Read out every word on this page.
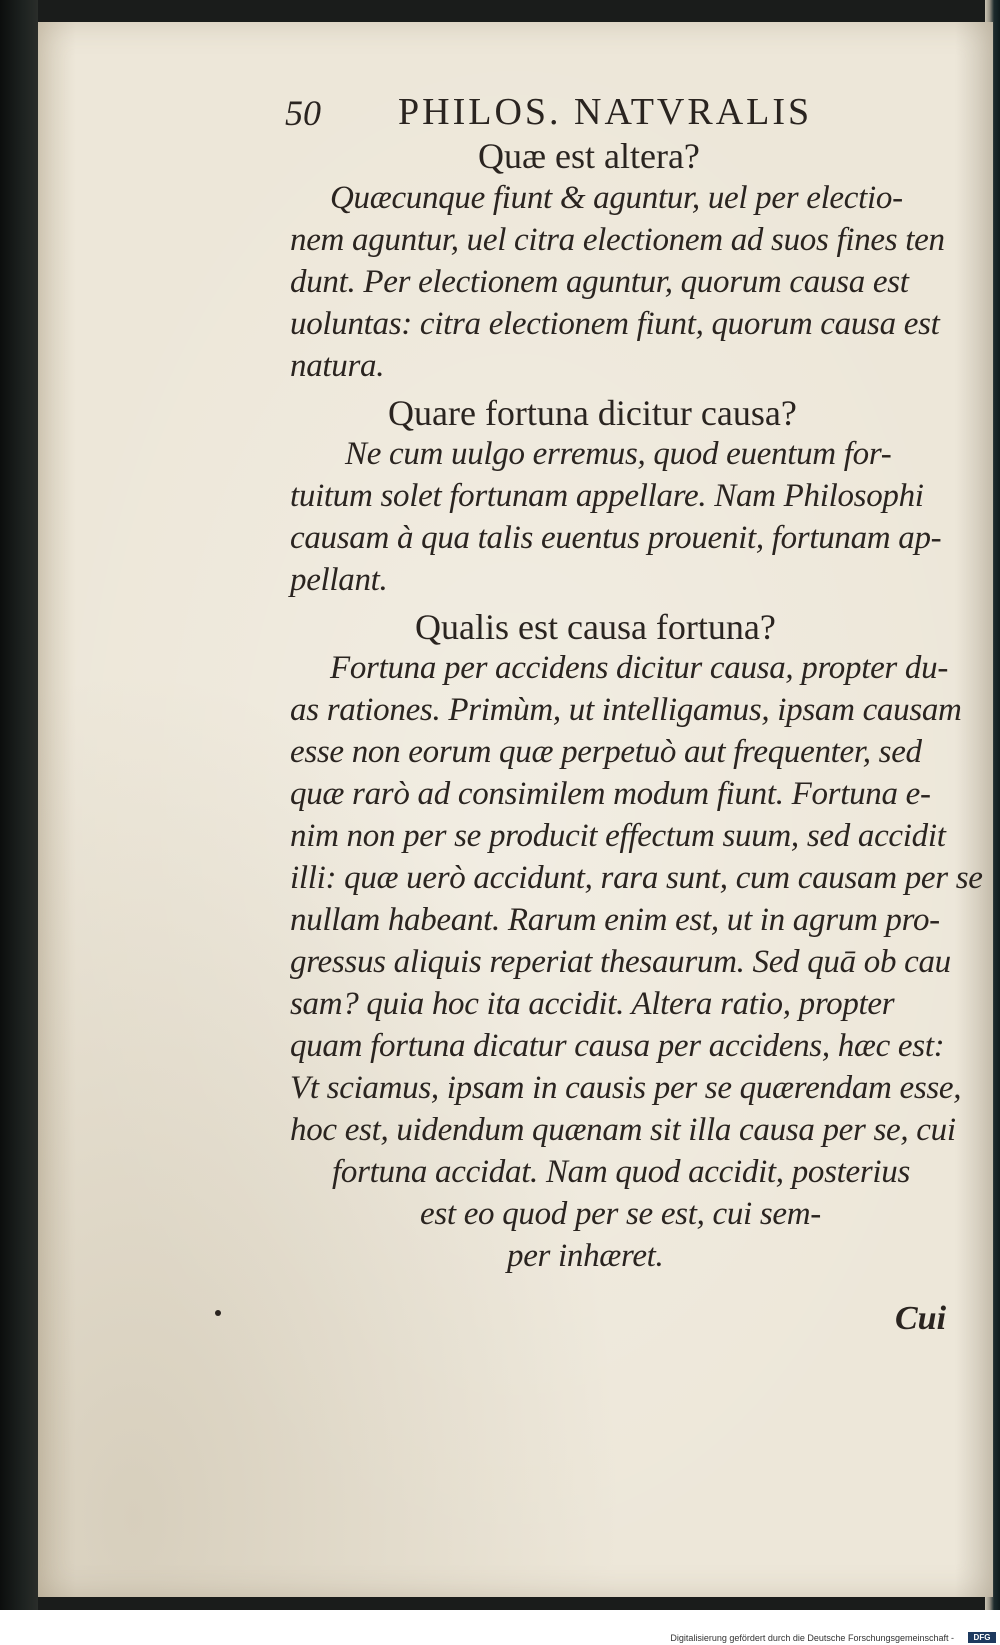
50 PHILOS. NATVRALIS
Quæ est altera?
Quæcunque fiunt & aguntur, uel per electio-
nem aguntur, uel citra electionem ad suos fines ten
dunt. Per electionem aguntur, quorum causa est
uoluntas: citra electionem fiunt, quorum causa est
natura.
Quare fortuna dicitur causa?
Ne cum uulgo erremus, quod euentum for-
tuitum solet fortunam appellare. Nam Philosophi
causam à qua talis euentus prouenit, fortunam ap-
pellant.
Qualis est causa fortuna?
Fortuna per accidens dicitur causa, propter du-
as rationes. Primùm, ut intelligamus, ipsam causam
esse non eorum quæ perpetuò aut frequenter, sed
quæ rarò ad consimilem modum fiunt. Fortuna e-
nim non per se producit effectum suum, sed accidit
illi: quæ uerò accidunt, rara sunt, cum causam per se
nullam habeant. Rarum enim est, ut in agrum pro-
gressus aliquis reperiat thesaurum. Sed quā ob cau
sam? quia hoc ita accidit. Altera ratio, propter
quam fortuna dicatur causa per accidens, hæc est:
Vt sciamus, ipsam in causis per se quærendam esse,
hoc est, uidendum quænam sit illa causa per se, cui
fortuna accidat. Nam quod accidit, posterius
est eo quod per se est, cui sem-
per inhæret.
Cui
Digitalisierung gefördert durch die Deutsche Forschungsgemeinschaft -	DFG
